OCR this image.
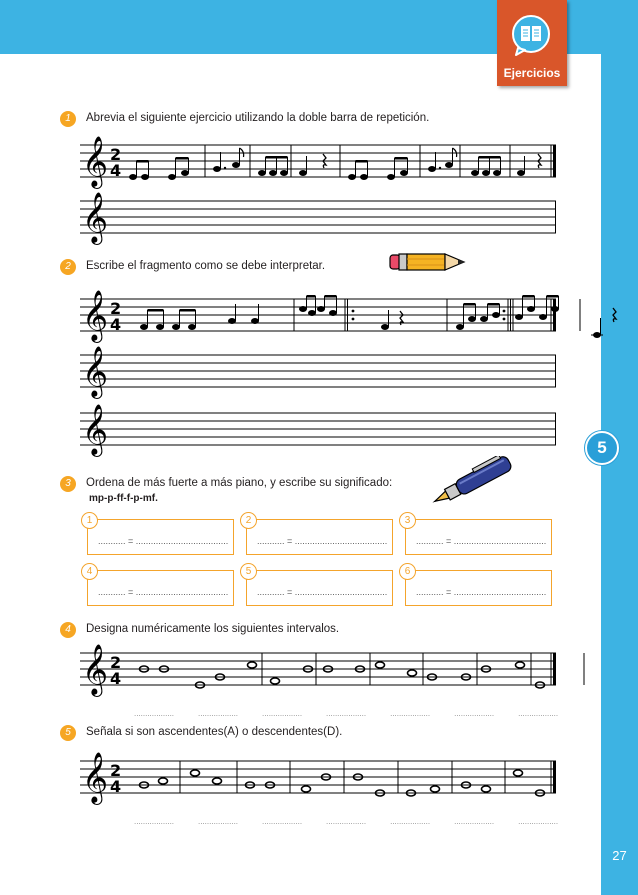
Ejercicios
5
27
1	Abrevia el siguiente ejercicio utilizando la doble barra de repetición.
𝄞 2
4
𝄞
2	Escribe el fragmento como se debe interpretar.
𝄞 2
4
𝄞
𝄞
3	Ordena de más fuerte a más piano, y escribe su significado:
mp-p-ff-f-p-mf.
1
........... = .....................................
2
........... = .....................................
3
........... = .....................................
4
........... = .....................................
5
........... = .....................................
6
........... = .....................................
4	Designa numéricamente los siguientes intervalos.
𝄞 2
4
..................	..................	..................	..................	..................	..................	..................
5	Señala si son ascendentes(A) o descendentes(D).
𝄞 2
4
..................	..................	..................	..................	..................	..................	..................
